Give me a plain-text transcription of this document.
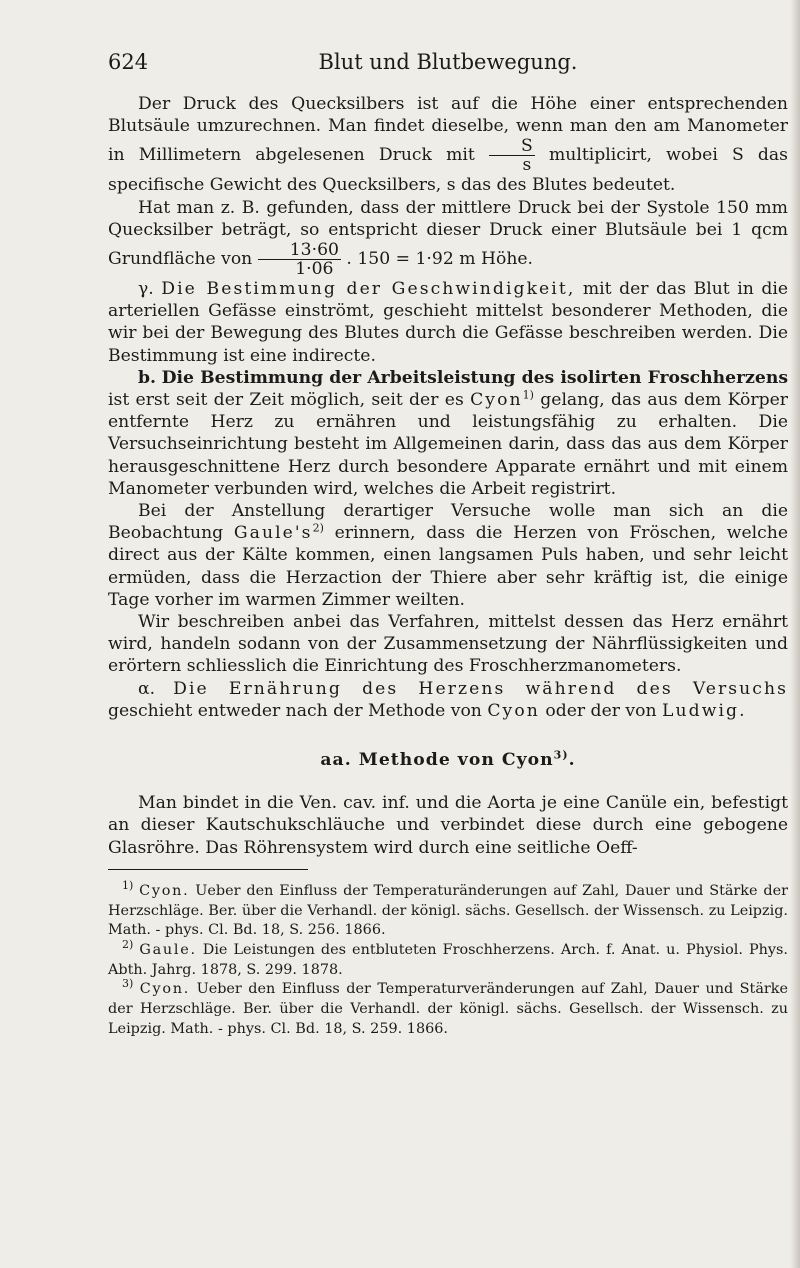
624	Blut und Blutbewegung.

Der Druck des Quecksilbers ist auf die Höhe einer entsprechenden Blutsäule umzurechnen. Man findet dieselbe, wenn man den am Manometer in Millimetern abgelesenen Druck mit $\frac{S}{s}$ multiplicirt, wobei S das specifische Gewicht des Quecksilbers, s das des Blutes bedeutet.

Hat man z. B. gefunden, dass der mittlere Druck bei der Systole 150 mm Quecksilber beträgt, so entspricht dieser Druck einer Blutsäule bei 1 qcm Grundfläche von $\frac{13\cdot 60}{1\cdot 06}$ . 150 = 1·92 m Höhe.

γ. Die Bestimmung der Geschwindigkeit, mit der das Blut in die arteriellen Gefässe einströmt, geschieht mittelst besonderer Methoden, die wir bei der Bewegung des Blutes durch die Gefässe beschreiben werden. Die Bestimmung ist eine indirecte.

b. Die Bestimmung der Arbeitsleistung des isolirten Froschherzens ist erst seit der Zeit möglich, seit der es Cyon$^{1)}$ gelang, das aus dem Körper entfernte Herz zu ernähren und leistungsfähig zu erhalten. Die Versuchseinrichtung besteht im Allgemeinen darin, dass das aus dem Körper herausgeschnittene Herz durch besondere Apparate ernährt und mit einem Manometer verbunden wird, welches die Arbeit registrirt.

Bei der Anstellung derartiger Versuche wolle man sich an die Beobachtung $Gaule's^{2)}$ erinnern, dass die Herzen von Fröschen, welche direct aus der Kälte kommen, einen langsamen Puls haben, und sehr leicht ermüden, dass die Herzaction der Thiere aber sehr kräftig ist, die einige Tage vorher im warmen Zimmer weilten.

Wir beschreiben anbei das Verfahren, mittelst dessen das Herz ernährt wird, handeln sodann von der Zusammensetzung der Nährflüssigkeiten und erörtern schliesslich die Einrichtung des Froschherzmanometers.

α. Die Ernährung des Herzens während des Versuchs geschieht entweder nach der Methode von Cyon oder der von Ludwig.

aa. Methode von Cyon$^{3)}$.

Man bindet in die Ven. cav. inf. und die Aorta je eine Canüle ein, befestigt an dieser Kautschukschläuche und verbindet diese durch eine gebogene Glasröhre. Das Röhrensystem wird durch eine seitliche Oeff-

$^{1)}$ Cyon. Ueber den Einfluss der Temperaturänderungen auf Zahl, Dauer und Stärke der Herzschläge. Ber. über die Verhandl. der königl. sächs. Gesellsch. der Wissensch. zu Leipzig. Math. - phys. Cl. Bd. 18, S. 256. 1866.

$^{2)}$ Gaule. Die Leistungen des entbluteten Froschherzens. Arch. f. Anat. u. Physiol. Phys. Abth. Jahrg. 1878, S. 299. 1878.

$^{3)}$ Cyon. Ueber den Einfluss der Temperaturveränderungen auf Zahl, Dauer und Stärke der Herzschläge. Ber. über die Verhandl. der königl. sächs. Gesellsch. der Wissensch. zu Leipzig. Math. - phys. Cl. Bd. 18, S. 259. 1866.
